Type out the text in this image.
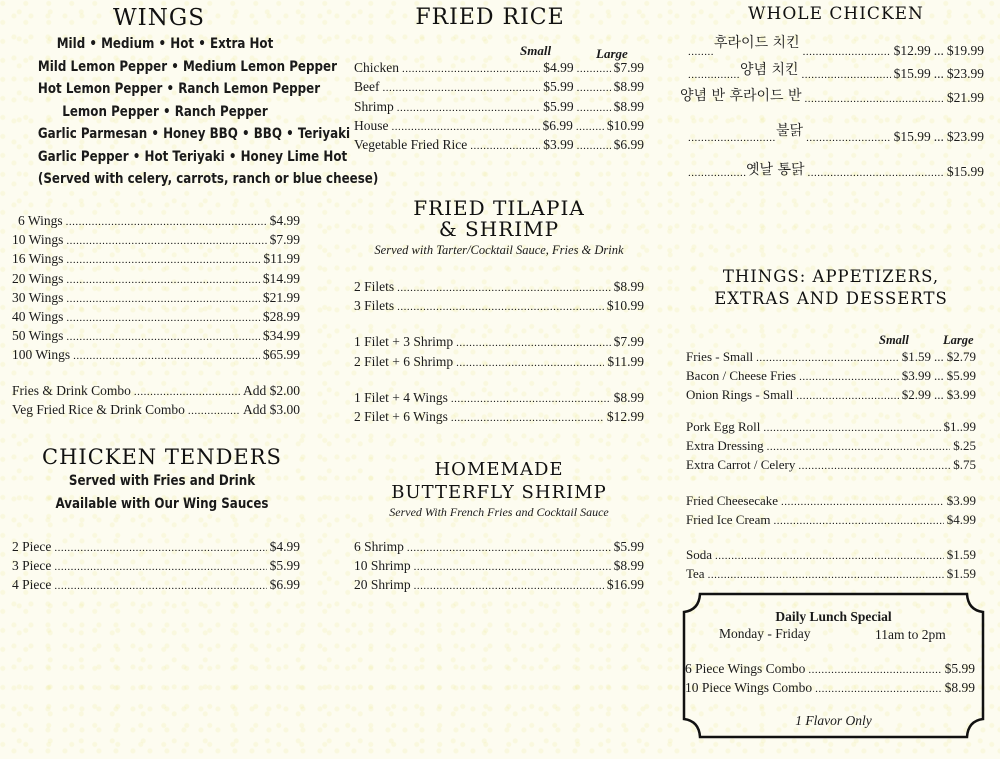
WINGS
Mild • Medium • Hot • Extra Hot
Mild Lemon Pepper • Medium Lemon Pepper
Hot Lemon Pepper • Ranch Lemon Pepper
Lemon Pepper • Ranch Pepper
Garlic Parmesan • Honey BBQ • BBQ • Teriyaki
Garlic Pepper • Hot Teriyaki • Honey Lime Hot
(Served with celery, carrots, ranch or blue cheese)
6 Wings .....	$4.99
10 Wings .....	$7.99
16 Wings .....	$11.99
20 Wings .....	$14.99
30 Wings .....	$21.99
40 Wings .....	$28.99
50 Wings .....	$34.99
100 Wings .....	$65.99
Fries & Drink Combo .....	Add $2.00
Veg Fried Rice & Drink Combo .....	Add $3.00
CHICKEN TENDERS
Served with Fries and Drink
Available with Our Wing Sauces
2 Piece .....	$4.99
3 Piece .....	$5.99
4 Piece .....	$6.99
FRIED RICE
Small	Large
Chicken .....	$4.99 .....	$7.99
Beef .....	$5.99 .....	$8.99
Shrimp .....	$5.99 .....	$8.99
House .....	$6.99 .....	$10.99
Vegetable Fried Rice .....	$3.99 .....	$6.99
FRIED TILAPIA
& SHRIMP
Served with Tarter/Cocktail Sauce, Fries & Drink
2 Filets .....	$8.99
3 Filets .....	$10.99
1 Filet + 3 Shrimp .....	$7.99
2 Filet + 6 Shrimp .....	$11.99
1 Filet + 4 Wings .....	$8.99
2 Filet + 6 Wings .....	$12.99
HOMEMADE
BUTTERFLY SHRIMP
Served With French Fries and Cocktail Sauce
6 Shrimp .....	$5.99
10 Shrimp .....	$8.99
20 Shrimp .....	$16.99
WHOLE CHICKEN
.....
후라이드 치킨 .....	$12.99 ... $19.99
.....
양념 치킨 .....	$15.99 ... $23.99
양념 반 후라이드 반 .....	$21.99
.....
불닭 .....	$15.99 ... $23.99
.....
옛날 통닭 .....	$15.99
THINGS: APPETIZERS,
EXTRAS AND DESSERTS
Small	Large
Fries - Small .....	$1.59 ... $2.79
Bacon / Cheese Fries .....	$3.99 ... $5.99
Onion Rings - Small .....	$2.99 ... $3.99
Pork Egg Roll .....	$1..99
Extra Dressing .....	$.25
Extra Carrot / Celery .....	$.75
Fried Cheesecake .....	$3.99
Fried Ice Cream .....	$4.99
Soda .....	$1.59
Tea .....	$1.59
Daily Lunch Special
Monday - Friday	11am to 2pm
6 Piece Wings Combo .....	$5.99
10 Piece Wings Combo .....	$8.99
1 Flavor Only
